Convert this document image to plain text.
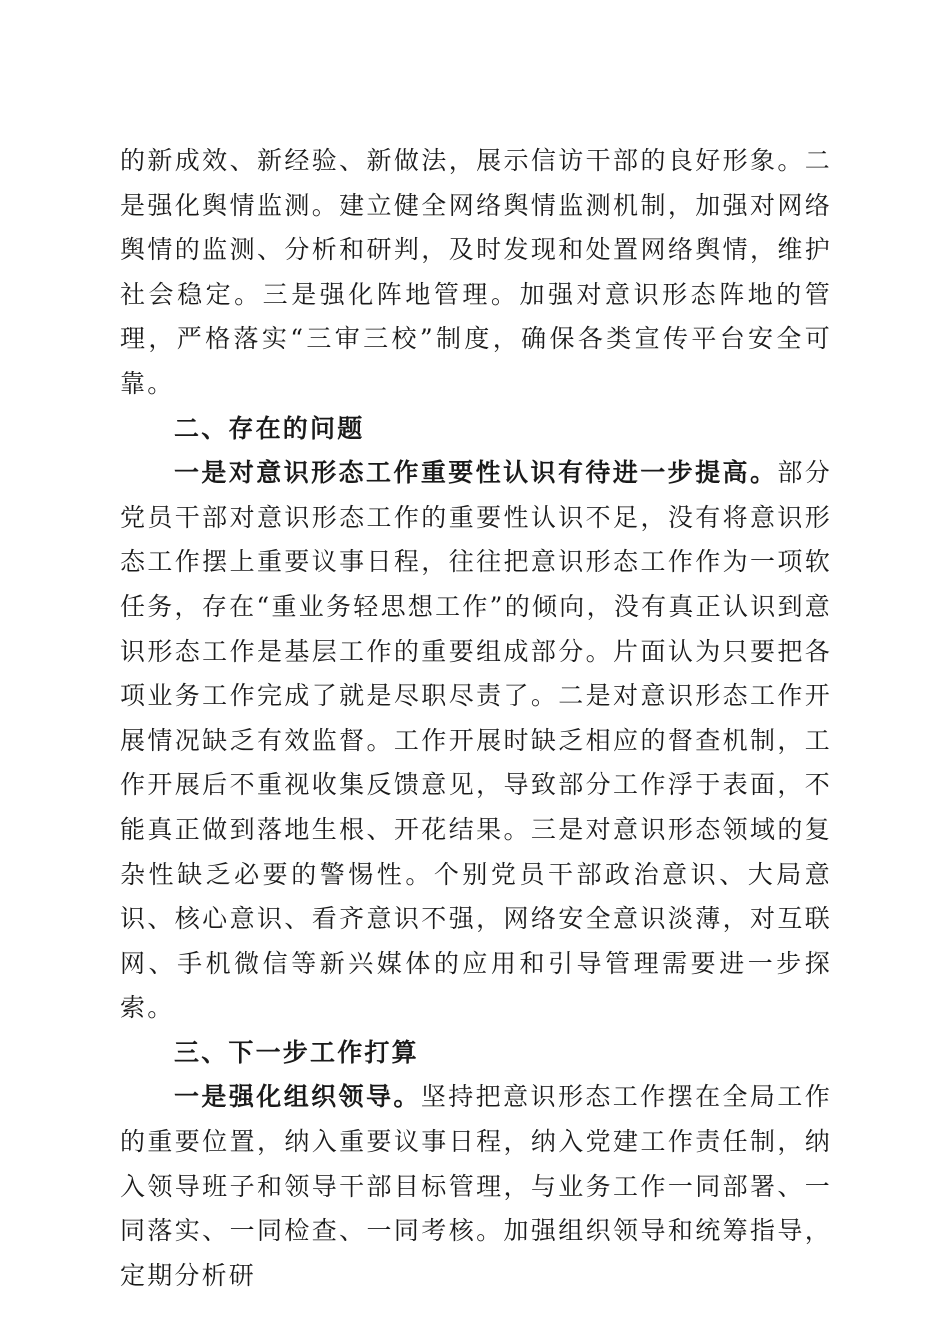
的新成效、新经验、新做法，展示信访干部的良好形象。二是强化舆情监测。建立健全网络舆情监测机制，加强对网络舆情的监测、分析和研判，及时发现和处置网络舆情，维护社会稳定。三是强化阵地管理。加强对意识形态阵地的管理，严格落实“三审三校”制度，确保各类宣传平台安全可靠。

二、存在的问题

一是对意识形态工作重要性认识有待进一步提高。部分党员干部对意识形态工作的重要性认识不足，没有将意识形态工作摆上重要议事日程，往往把意识形态工作作为一项软任务，存在“重业务轻思想工作”的倾向，没有真正认识到意识形态工作是基层工作的重要组成部分。片面认为只要把各项业务工作完成了就是尽职尽责了。二是对意识形态工作开展情况缺乏有效监督。工作开展时缺乏相应的督查机制，工作开展后不重视收集反馈意见，导致部分工作浮于表面，不能真正做到落地生根、开花结果。三是对意识形态领域的复杂性缺乏必要的警惕性。个别党员干部政治意识、大局意识、核心意识、看齐意识不强，网络安全意识淡薄，对互联网、手机微信等新兴媒体的应用和引导管理需要进一步探索。

三、下一步工作打算

一是强化组织领导。坚持把意识形态工作摆在全局工作的重要位置，纳入重要议事日程，纳入党建工作责任制，纳入领导班子和领导干部目标管理，与业务工作一同部署、一同落实、一同检查、一同考核。加强组织领导和统筹指导，定期分析研
